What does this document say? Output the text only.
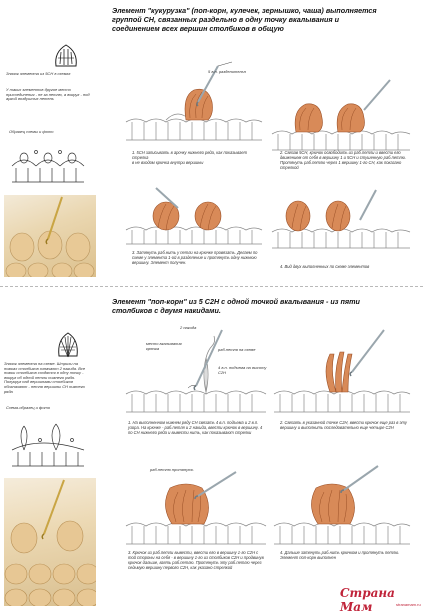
Элемент "кукурузка" (поп-корн, кулечек, зернышко, чаша) выполняется
группой СН, связанных раздельно в одну точку вкалывания и
соединением всех вершин столбиков в общую
Значок элемента из 5СН в схемах
У таких элементов другое место присоединения - не за петлю, а вокруг - под аркой воздушных петель
Образец схемы и фото
5 в.п. разделительн
1. 5СН записывать в арочку нижнего ряда, как показывает стрелка
в не входом крючка внутри вершины
2. Связав 5СН, крючок освободить из раб.петли и ввести его движением от себя в вершину 1 и 5СН и стушенную раб.петлю. Протянуть раб.петлю через 1 вершину 1-го СН, как показано стрелкой
3. Затянуть раб.нить у петли на крючке провязать. Делаем по схеме у элемента 1-ой в разделение и протянуть одну нижнюю вершину. Элемент получен.
4. Вид двух выполненных по схеме элементов
Элемент "поп-корн" из 5 С2Н с одной точкой вкалывания - из пяти
столбиков с двумя накидами.
Значок элемента на схеме. Штрихи на ножках столбиков означают 2 накида. Все ножки столбиков сходятся в одну точку - вокруг об одной петли нижнего ряда. Полукруг над вершинами столбиков обозначают - петля вершины СН нижнего ряда
Схема-образец и фото
2 накида
место вкалывания крючка	раб.петля на схеме
4 в.п. подъема на высоту С2Н
1. На выполненном нижнем ряду СН связать 4 в.п. подъема и 2 в.п. узора. На крючке - раб.петля и 2 накида, ввести крючок в вершину. 4 по СН нижнего ряда и вывести нить, как показывают стрелки
2. Связать в указанной точке С2Н, ввести крючок еще раз в эту вершину и выполнить последовательно еще четыре С2Н
раб.петлю протянуть
3. Крючок из раб.петли вывести, ввести его в вершину 1-го С2Н с той стороны на себя - в вершину 1-го из столбиков С2Н и продвинув крючок дальше, взять раб.петлю. Протянуть эту раб.петлю через седьмую вершину первого С2Н, как указано стрелкой
4. Дальше затянуть раб.нить крючком и протянуть петлю. Элемент поп-корн выполнен
Страна Мам	stranamam.ru
